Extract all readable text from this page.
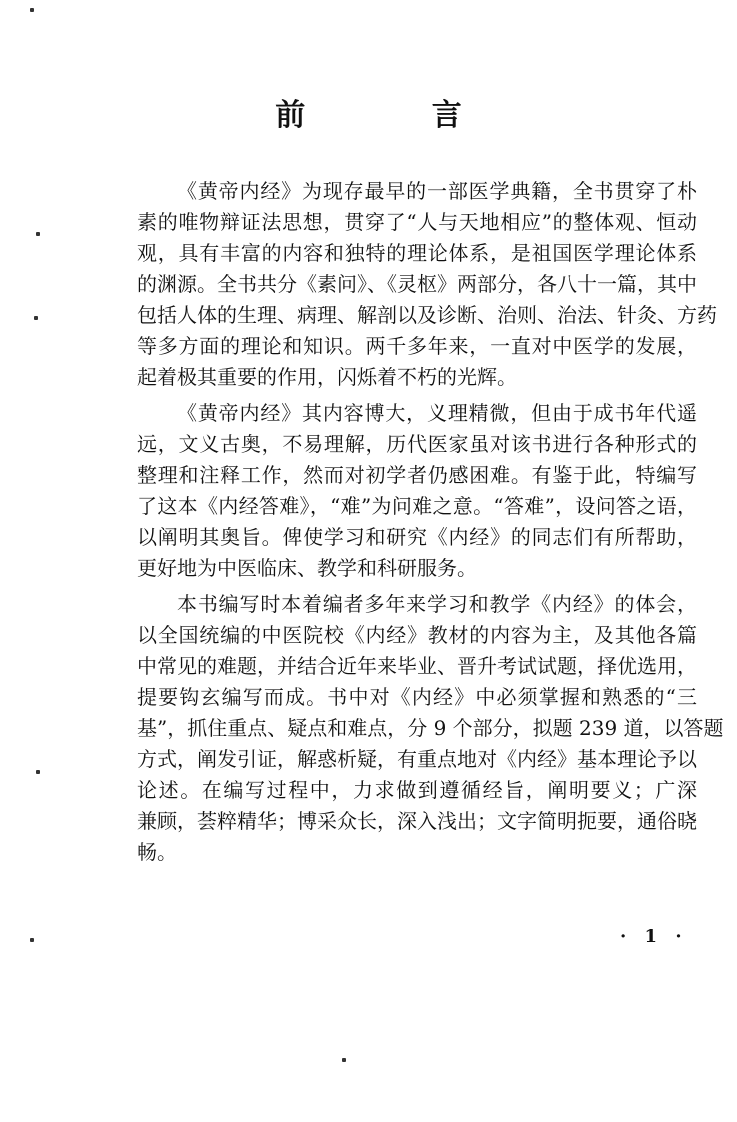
前 言

《黄帝内经》为现存最早的一部医学典籍，全书贯穿了朴
素的唯物辩证法思想，贯穿了“人与天地相应”的整体观、恒动
观，具有丰富的内容和独特的理论体系，是祖国医学理论体系
的渊源。全书共分《素问》、《灵枢》两部分，各八十一篇，其中
包括人体的生理、病理、解剖以及诊断、治则、治法、针灸、方药
等多方面的理论和知识。两千多年来，一直对中医学的发展，
起着极其重要的作用，闪烁着不朽的光辉。

《黄帝内经》其内容博大，义理精微，但由于成书年代遥
远，文义古奥，不易理解，历代医家虽对该书进行各种形式的
整理和注释工作，然而对初学者仍感困难。有鉴于此，特编写
了这本《内经答难》，“难”为问难之意。“答难”，设问答之语，
以阐明其奥旨。俾使学习和研究《内经》的同志们有所帮助，
更好地为中医临床、教学和科研服务。

本书编写时本着编者多年来学习和教学《内经》的体会，
以全国统编的中医院校《内经》教材的内容为主，及其他各篇
中常见的难题，并结合近年来毕业、晋升考试试题，择优选用，
提要钩玄编写而成。书中对《内经》中必须掌握和熟悉的“三
基”，抓住重点、疑点和难点，分 9 个部分，拟题 239 道，以答题
方式，阐发引证，解惑析疑，有重点地对《内经》基本理论予以
论述。在编写过程中，力求做到遵循经旨，阐明要义；广深
兼顾，荟粹精华；博采众长，深入浅出；文字简明扼要，通俗晓
畅。

· 1 ·
